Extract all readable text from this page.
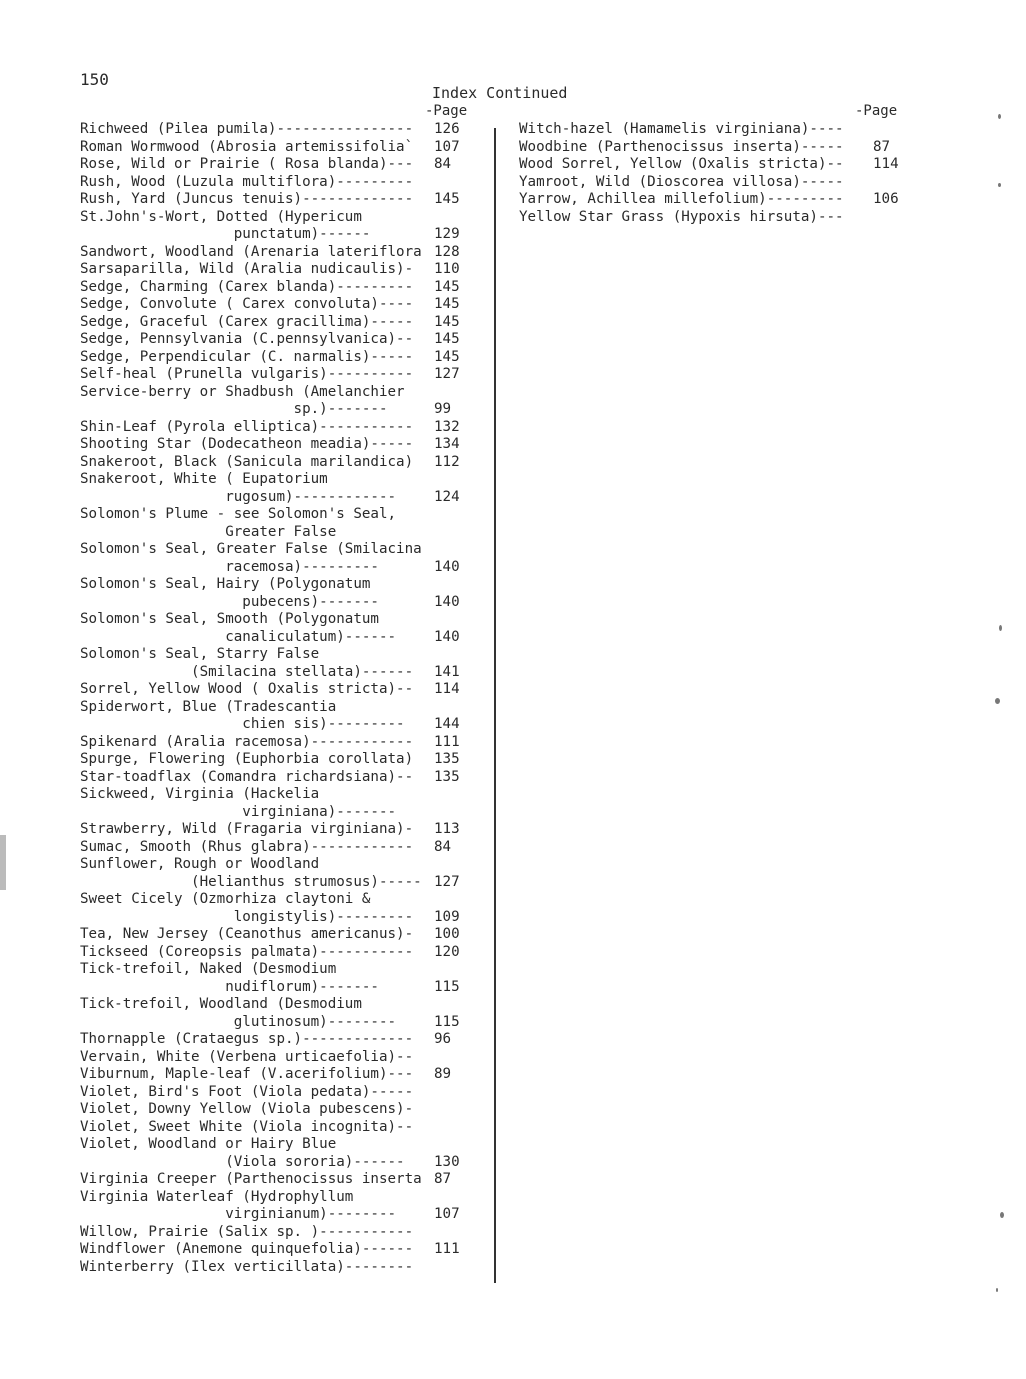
150
Index Continued
-Page	-Page
Richweed (Pilea pumila)----------------	126
Roman Wormwood (Abrosia artemissifolia`	107
Rose, Wild or Prairie ( Rosa blanda)---	84
Rush, Wood (Luzula multiflora)---------
Rush, Yard (Juncus tenuis)-------------	145
St.John's-Wort, Dotted (Hypericum
punctatum)------	129
Sandwort, Woodland (Arenaria lateriflora 128
Sarsaparilla, Wild (Aralia nudicaulis)-	110
Sedge, Charming (Carex blanda)---------	145
Sedge, Convolute ( Carex convoluta)----	145
Sedge, Graceful (Carex gracillima)-----	145
Sedge, Pennsylvania (C.pennsylvanica)--	145
Sedge, Perpendicular (C. narmalis)-----	145
Self-heal (Prunella vulgaris)----------	127
Service-berry or Shadbush (Amelanchier
sp.)-------	99
Shin-Leaf (Pyrola elliptica)-----------	132
Shooting Star (Dodecatheon meadia)-----	134
Snakeroot, Black (Sanicula marilandica)	112
Snakeroot, White ( Eupatorium
rugosum)------------	124
Solomon's Plume - see Solomon's Seal,
Greater False
Solomon's Seal, Greater False (Smilacina
racemosa)---------	140
Solomon's Seal, Hairy (Polygonatum
pubecens)-------	140
Solomon's Seal, Smooth (Polygonatum
canaliculatum)------	140
Solomon's Seal, Starry False
(Smilacina stellata)------	141
Sorrel, Yellow Wood ( Oxalis stricta)--	114
Spiderwort, Blue (Tradescantia
chien sis)---------	144
Spikenard (Aralia racemosa)------------	111
Spurge, Flowering (Euphorbia corollata)	135
Star-toadflax (Comandra richardsiana)--	135
Sickweed, Virginia (Hackelia
virginiana)-------
Strawberry, Wild (Fragaria virginiana)-	113
Sumac, Smooth (Rhus glabra)------------	84
Sunflower, Rough or Woodland
(Helianthus strumosus)----- 127
Sweet Cicely (Ozmorhiza claytoni &
longistylis)---------	109
Tea, New Jersey (Ceanothus americanus)-	100
Tickseed (Coreopsis palmata)-----------	120
Tick-trefoil, Naked (Desmodium
nudiflorum)-------	115
Tick-trefoil, Woodland (Desmodium
glutinosum)--------	115
Thornapple (Crataegus sp.)-------------	96
Vervain, White (Verbena urticaefolia)--
Viburnum, Maple-leaf (V.acerifolium)---	89
Violet, Bird's Foot (Viola pedata)-----
Violet, Downy Yellow (Viola pubescens)-
Violet, Sweet White (Viola incognita)--
Violet, Woodland or Hairy Blue
(Viola sororia)------	130
Virginia Creeper (Parthenocissus inserta 87
Virginia Waterleaf (Hydrophyllum
virginianum)--------	107
Willow, Prairie (Salix sp. )-----------
Windflower (Anemone quinquefolia)------	111
Winterberry (Ilex verticillata)--------
Witch-hazel (Hamamelis virginiana)----
Woodbine (Parthenocissus inserta)-----	87
Wood Sorrel, Yellow (Oxalis stricta)--	114
Yamroot, Wild (Dioscorea villosa)-----
Yarrow, Achillea millefolium)---------	106
Yellow Star Grass (Hypoxis hirsuta)---
